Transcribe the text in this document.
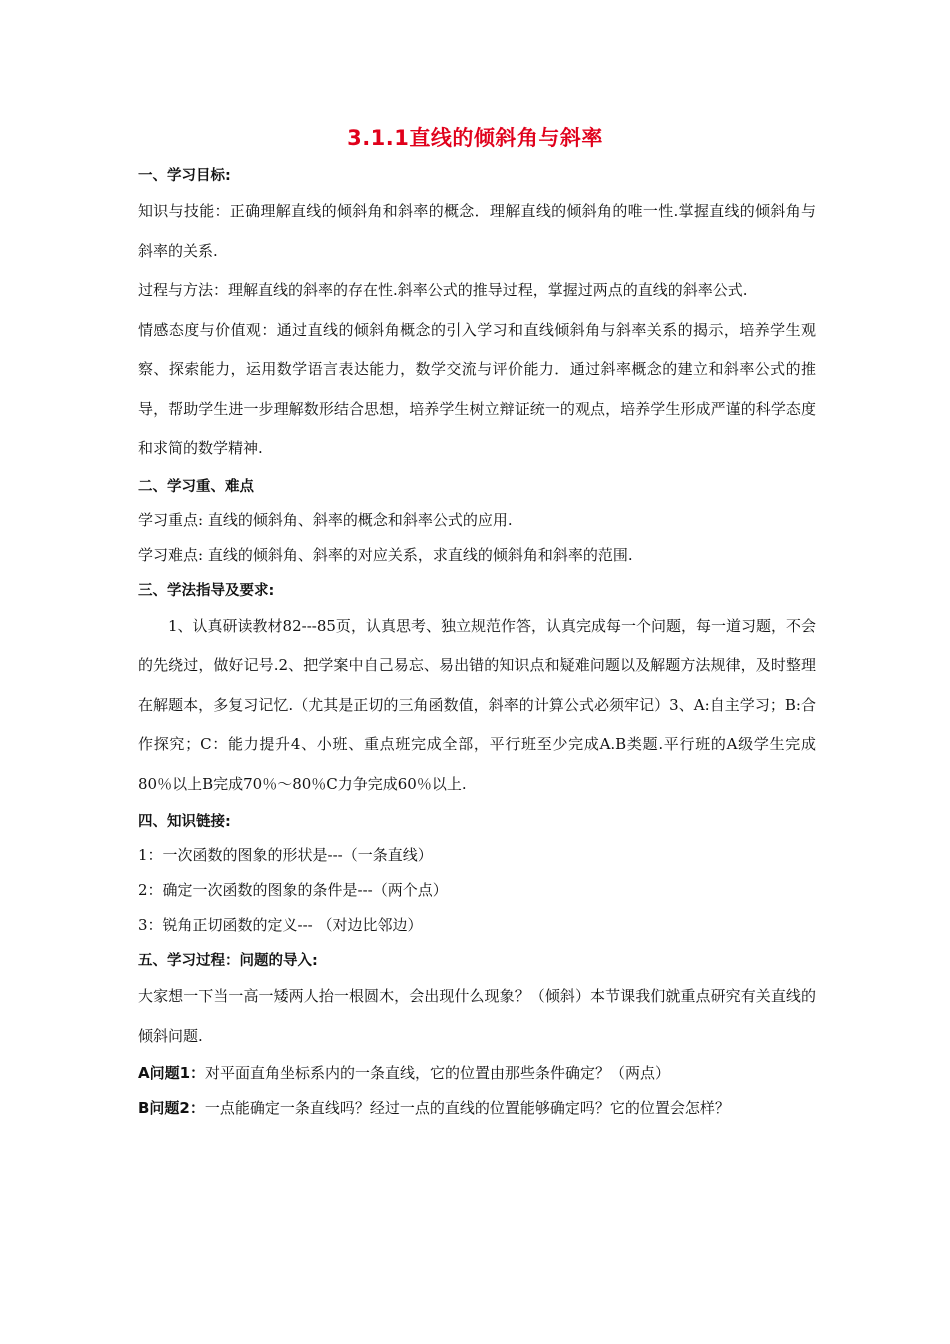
3.1.1直线的倾斜角与斜率

一、学习目标:

知识与技能：正确理解直线的倾斜角和斜率的概念．理解直线的倾斜角的唯一性.掌握直线的倾斜角与斜率的关系.

过程与方法：理解直线的斜率的存在性.斜率公式的推导过程，掌握过两点的直线的斜率公式.

情感态度与价值观：通过直线的倾斜角概念的引入学习和直线倾斜角与斜率关系的揭示，培养学生观察、探索能力，运用数学语言表达能力，数学交流与评价能力．通过斜率概念的建立和斜率公式的推导，帮助学生进一步理解数形结合思想，培养学生树立辩证统一的观点，培养学生形成严谨的科学态度和求简的数学精神.

二、学习重、难点

学习重点: 直线的倾斜角、斜率的概念和斜率公式的应用.

学习难点: 直线的倾斜角、斜率的对应关系，求直线的倾斜角和斜率的范围.

三、学法指导及要求:

1、认真研读教材82---85页，认真思考、独立规范作答，认真完成每一个问题，每一道习题，不会的先绕过，做好记号.2、把学案中自己易忘、易出错的知识点和疑难问题以及解题方法规律，及时整理在解题本，多复习记忆.（尤其是正切的三角函数值，斜率的计算公式必须牢记）3、A:自主学习；B:合作探究；C：能力提升4、小班、重点班完成全部，平行班至少完成A.B类题.平行班的A级学生完成80％以上B完成70％～80％C力争完成60％以上.

四、知识链接:

1：一次函数的图象的形状是---（一条直线）

2：确定一次函数的图象的条件是---（两个点）

3：锐角正切函数的定义--- （对边比邻边）

五、学习过程：问题的导入:

大家想一下当一高一矮两人抬一根圆木，会出现什么现象？（倾斜）本节课我们就重点研究有关直线的倾斜问题.

A问题1：对平面直角坐标系内的一条直线，它的位置由那些条件确定？（两点）

B问题2：一点能确定一条直线吗？经过一点的直线的位置能够确定吗？它的位置会怎样？
